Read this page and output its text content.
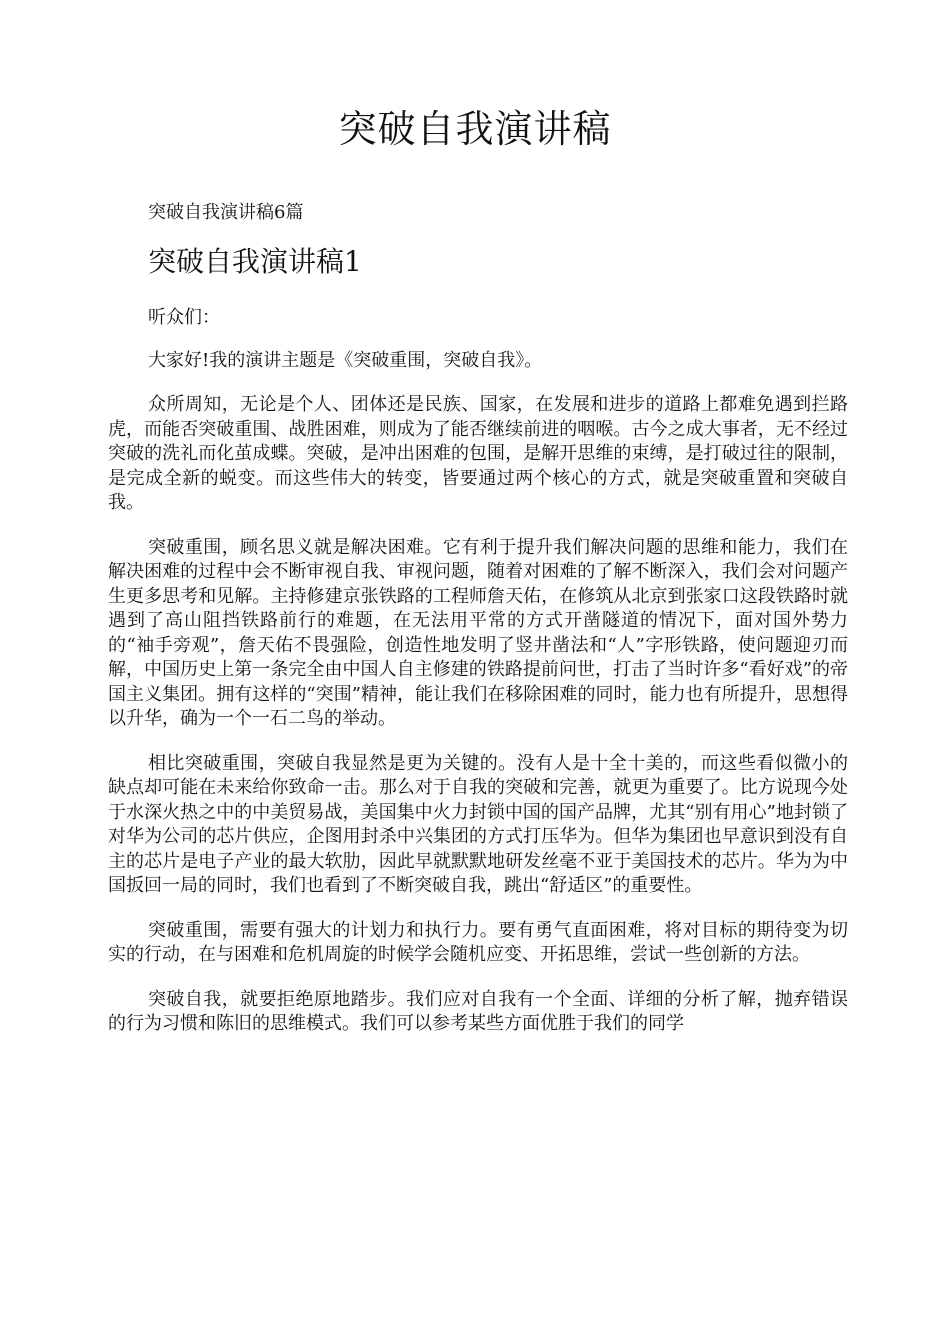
突破自我演讲稿

突破自我演讲稿6篇

突破自我演讲稿1

听众们：

大家好!我的演讲主题是《突破重围，突破自我》。

众所周知，无论是个人、团体还是民族、国家，在发展和进步的道路上都难免遇到拦路虎，而能否突破重围、战胜困难，则成为了能否继续前进的咽喉。古今之成大事者，无不经过突破的洗礼而化茧成蝶。突破，是冲出困难的包围，是解开思维的束缚，是打破过往的限制，是完成全新的蜕变。而这些伟大的转变，皆要通过两个核心的方式，就是突破重置和突破自我。

突破重围，顾名思义就是解决困难。它有利于提升我们解决问题的思维和能力，我们在解决困难的过程中会不断审视自我、审视问题，随着对困难的了解不断深入，我们会对问题产生更多思考和见解。主持修建京张铁路的工程师詹天佑，在修筑从北京到张家口这段铁路时就遇到了高山阻挡铁路前行的难题，在无法用平常的方式开凿隧道的情况下，面对国外势力的“袖手旁观”，詹天佑不畏强险，创造性地发明了竖井凿法和“人”字形铁路，使问题迎刃而解，中国历史上第一条完全由中国人自主修建的铁路提前问世，打击了当时许多“看好戏”的帝国主义集团。拥有这样的“突围”精神，能让我们在移除困难的同时，能力也有所提升，思想得以升华，确为一个一石二鸟的举动。

相比突破重围，突破自我显然是更为关键的。没有人是十全十美的，而这些看似微小的缺点却可能在未来给你致命一击。那么对于自我的突破和完善，就更为重要了。比方说现今处于水深火热之中的中美贸易战，美国集中火力封锁中国的国产品牌，尤其“别有用心”地封锁了对华为公司的芯片供应，企图用封杀中兴集团的方式打压华为。但华为集团也早意识到没有自主的芯片是电子产业的最大软肋，因此早就默默地研发丝毫不亚于美国技术的芯片。华为为中国扳回一局的同时，我们也看到了不断突破自我，跳出“舒适区”的重要性。

突破重围，需要有强大的计划力和执行力。要有勇气直面困难，将对目标的期待变为切实的行动，在与困难和危机周旋的时候学会随机应变、开拓思维，尝试一些创新的方法。

突破自我，就要拒绝原地踏步。我们应对自我有一个全面、详细的分析了解，抛弃错误的行为习惯和陈旧的思维模式。我们可以参考某些方面优胜于我们的同学
